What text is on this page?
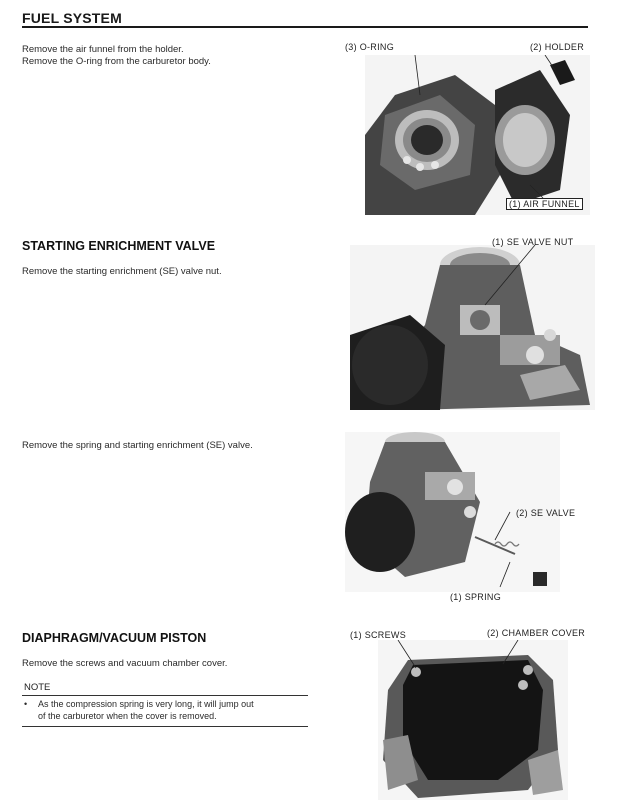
FUEL SYSTEM
Remove the air funnel from the holder.
Remove the O-ring from the carburetor body.
(3) O-RING	(2) HOLDER
(1) AIR FUNNEL
STARTING ENRICHMENT VALVE
Remove the starting enrichment (SE) valve nut.
(1) SE VALVE NUT
Remove the spring and starting enrichment (SE) valve.
(2) SE VALVE
(1) SPRING
DIAPHRAGM/VACUUM PISTON
Remove the screws and vacuum chamber cover.
NOTE
• As the compression spring is very long, it will jump out
of the carburetor when the cover is removed.
(1) SCREWS	(2) CHAMBER COVER
